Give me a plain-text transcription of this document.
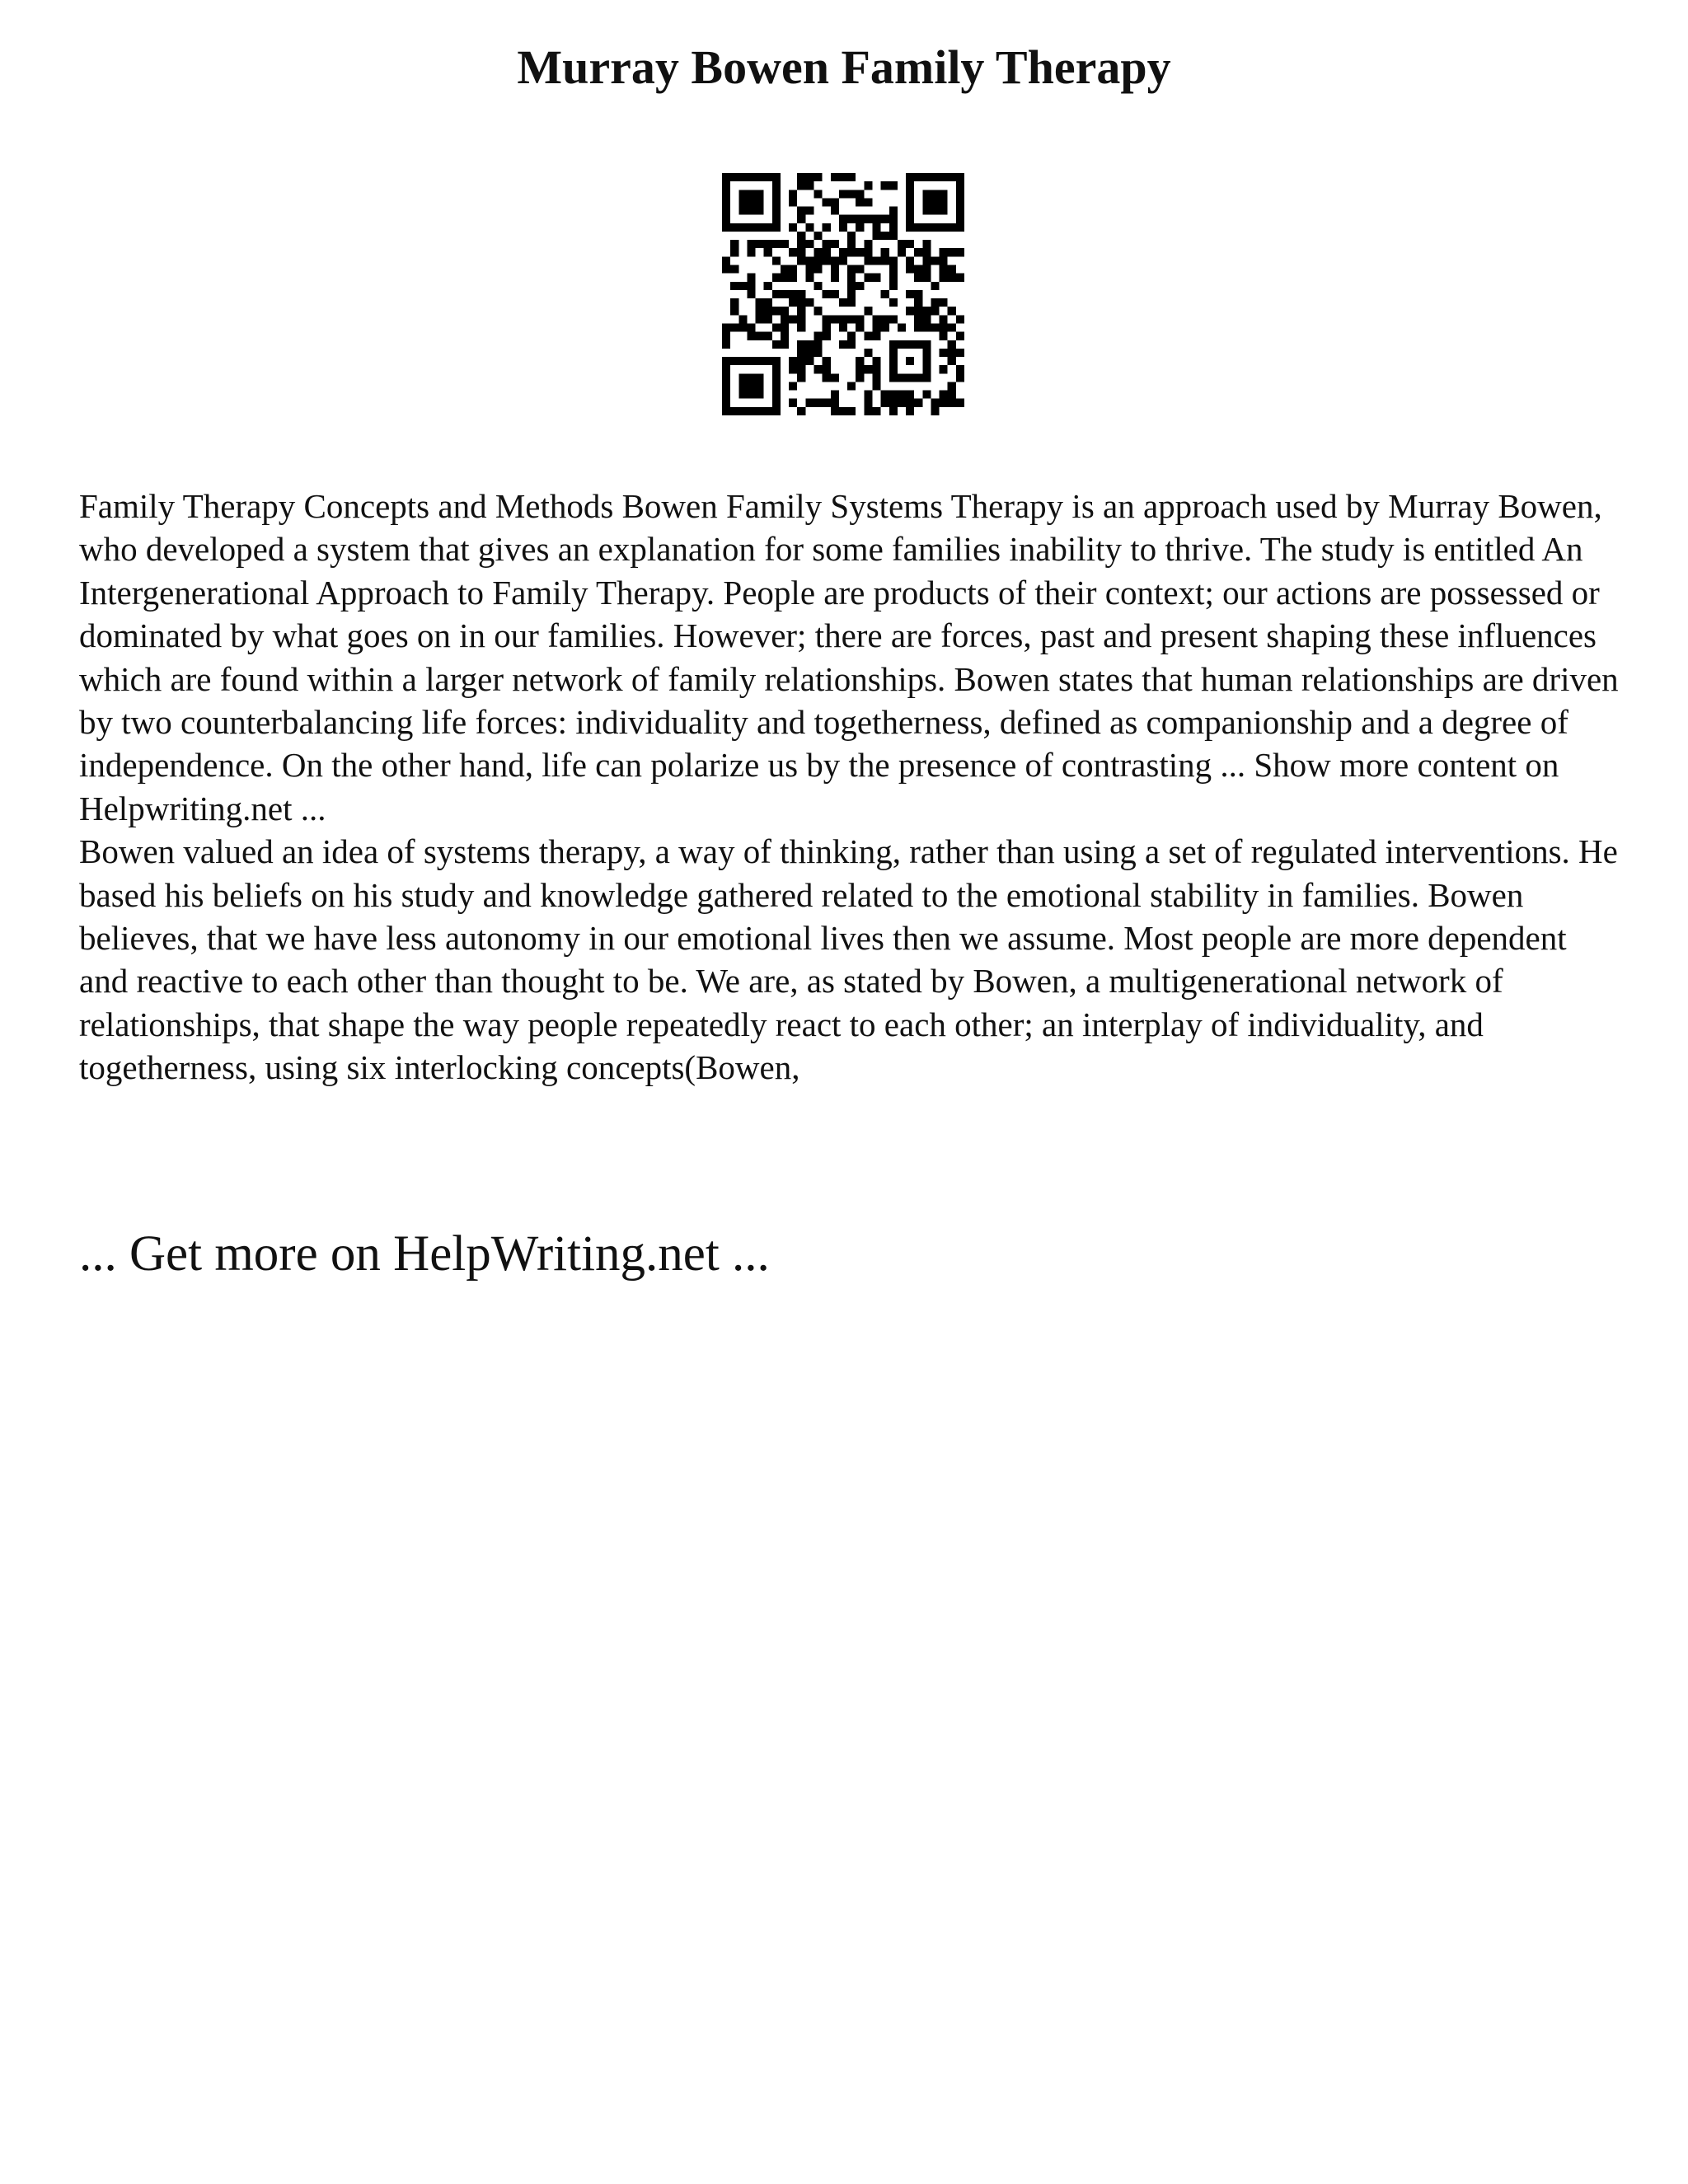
Murray Bowen Family Therapy

Family Therapy Concepts and Methods Bowen Family Systems Therapy is an approach used by Murray Bowen, who developed a system that gives an explanation for some families inability to thrive. The study is entitled An Intergenerational Approach to Family Therapy. People are products of their context; our actions are possessed or dominated by what goes on in our families. However; there are forces, past and present shaping these influences which are found within a larger network of family relationships. Bowen states that human relationships are driven by two counterbalancing life forces: individuality and togetherness, defined as companionship and a degree of independence. On the other hand, life can polarize us by the presence of contrasting ... Show more content on Helpwriting.net ...

Bowen valued an idea of systems therapy, a way of thinking, rather than using a set of regulated interventions. He based his beliefs on his study and knowledge gathered related to the emotional stability in families. Bowen believes, that we have less autonomy in our emotional lives then we assume. Most people are more dependent and reactive to each other than thought to be. We are, as stated by Bowen, a multigenerational network of relationships, that shape the way people repeatedly react to each other; an interplay of individuality, and togetherness, using six interlocking concepts(Bowen,

... Get more on HelpWriting.net ...
